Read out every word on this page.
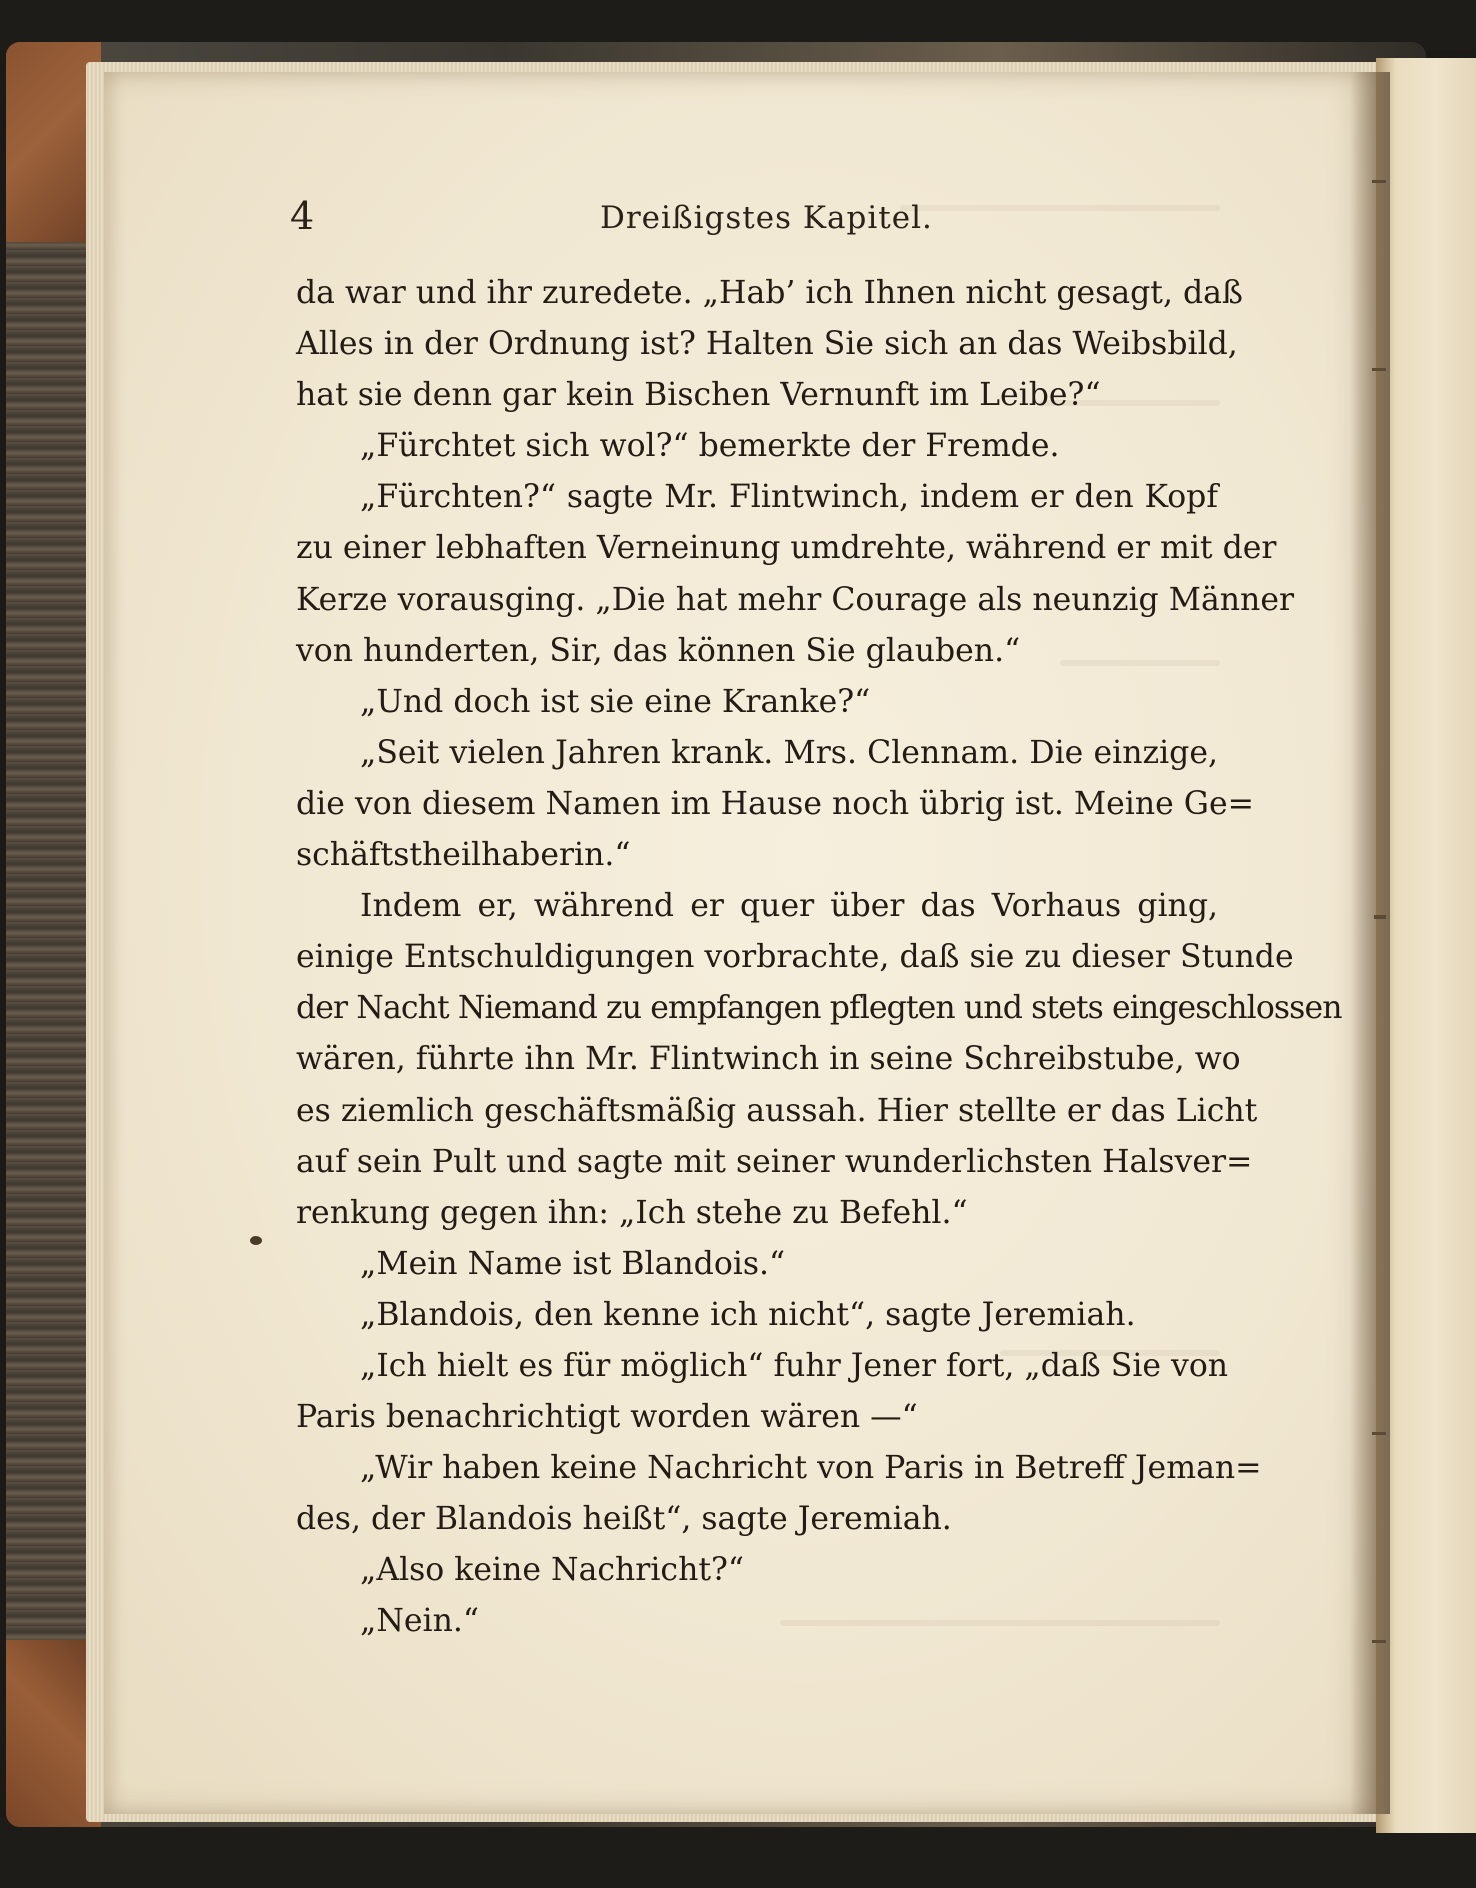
4	Dreißigstes Kapitel.
da war und ihr zuredete. „Hab’ ich Ihnen nicht gesagt, daß
Alles in der Ordnung ist? Halten Sie sich an das Weibsbild,
hat sie denn gar kein Bischen Vernunft im Leibe?“
„Fürchtet sich wol?“ bemerkte der Fremde.
„Fürchten?“ sagte Mr. Flintwinch, indem er den Kopf
zu einer lebhaften Verneinung umdrehte, während er mit der
Kerze vorausging. „Die hat mehr Courage als neunzig Männer
von hunderten, Sir, das können Sie glauben.“
„Und doch ist sie eine Kranke?“
„Seit vielen Jahren krank. Mrs. Clennam. Die einzige,
die von diesem Namen im Hause noch übrig ist. Meine Ge=
schäftstheilhaberin.“
Indem er, während er quer über das Vorhaus ging,
einige Entschuldigungen vorbrachte, daß sie zu dieser Stunde
der Nacht Niemand zu empfangen pflegten und stets eingeschlossen
wären, führte ihn Mr. Flintwinch in seine Schreibstube, wo
es ziemlich geschäftsmäßig aussah. Hier stellte er das Licht
auf sein Pult und sagte mit seiner wunderlichsten Halsver=
renkung gegen ihn: „Ich stehe zu Befehl.“
„Mein Name ist Blandois.“
„Blandois, den kenne ich nicht“, sagte Jeremiah.
„Ich hielt es für möglich“ fuhr Jener fort, „daß Sie von
Paris benachrichtigt worden wären —“
„Wir haben keine Nachricht von Paris in Betreff Jeman=
des, der Blandois heißt“, sagte Jeremiah.
„Also keine Nachricht?“
„Nein.“
